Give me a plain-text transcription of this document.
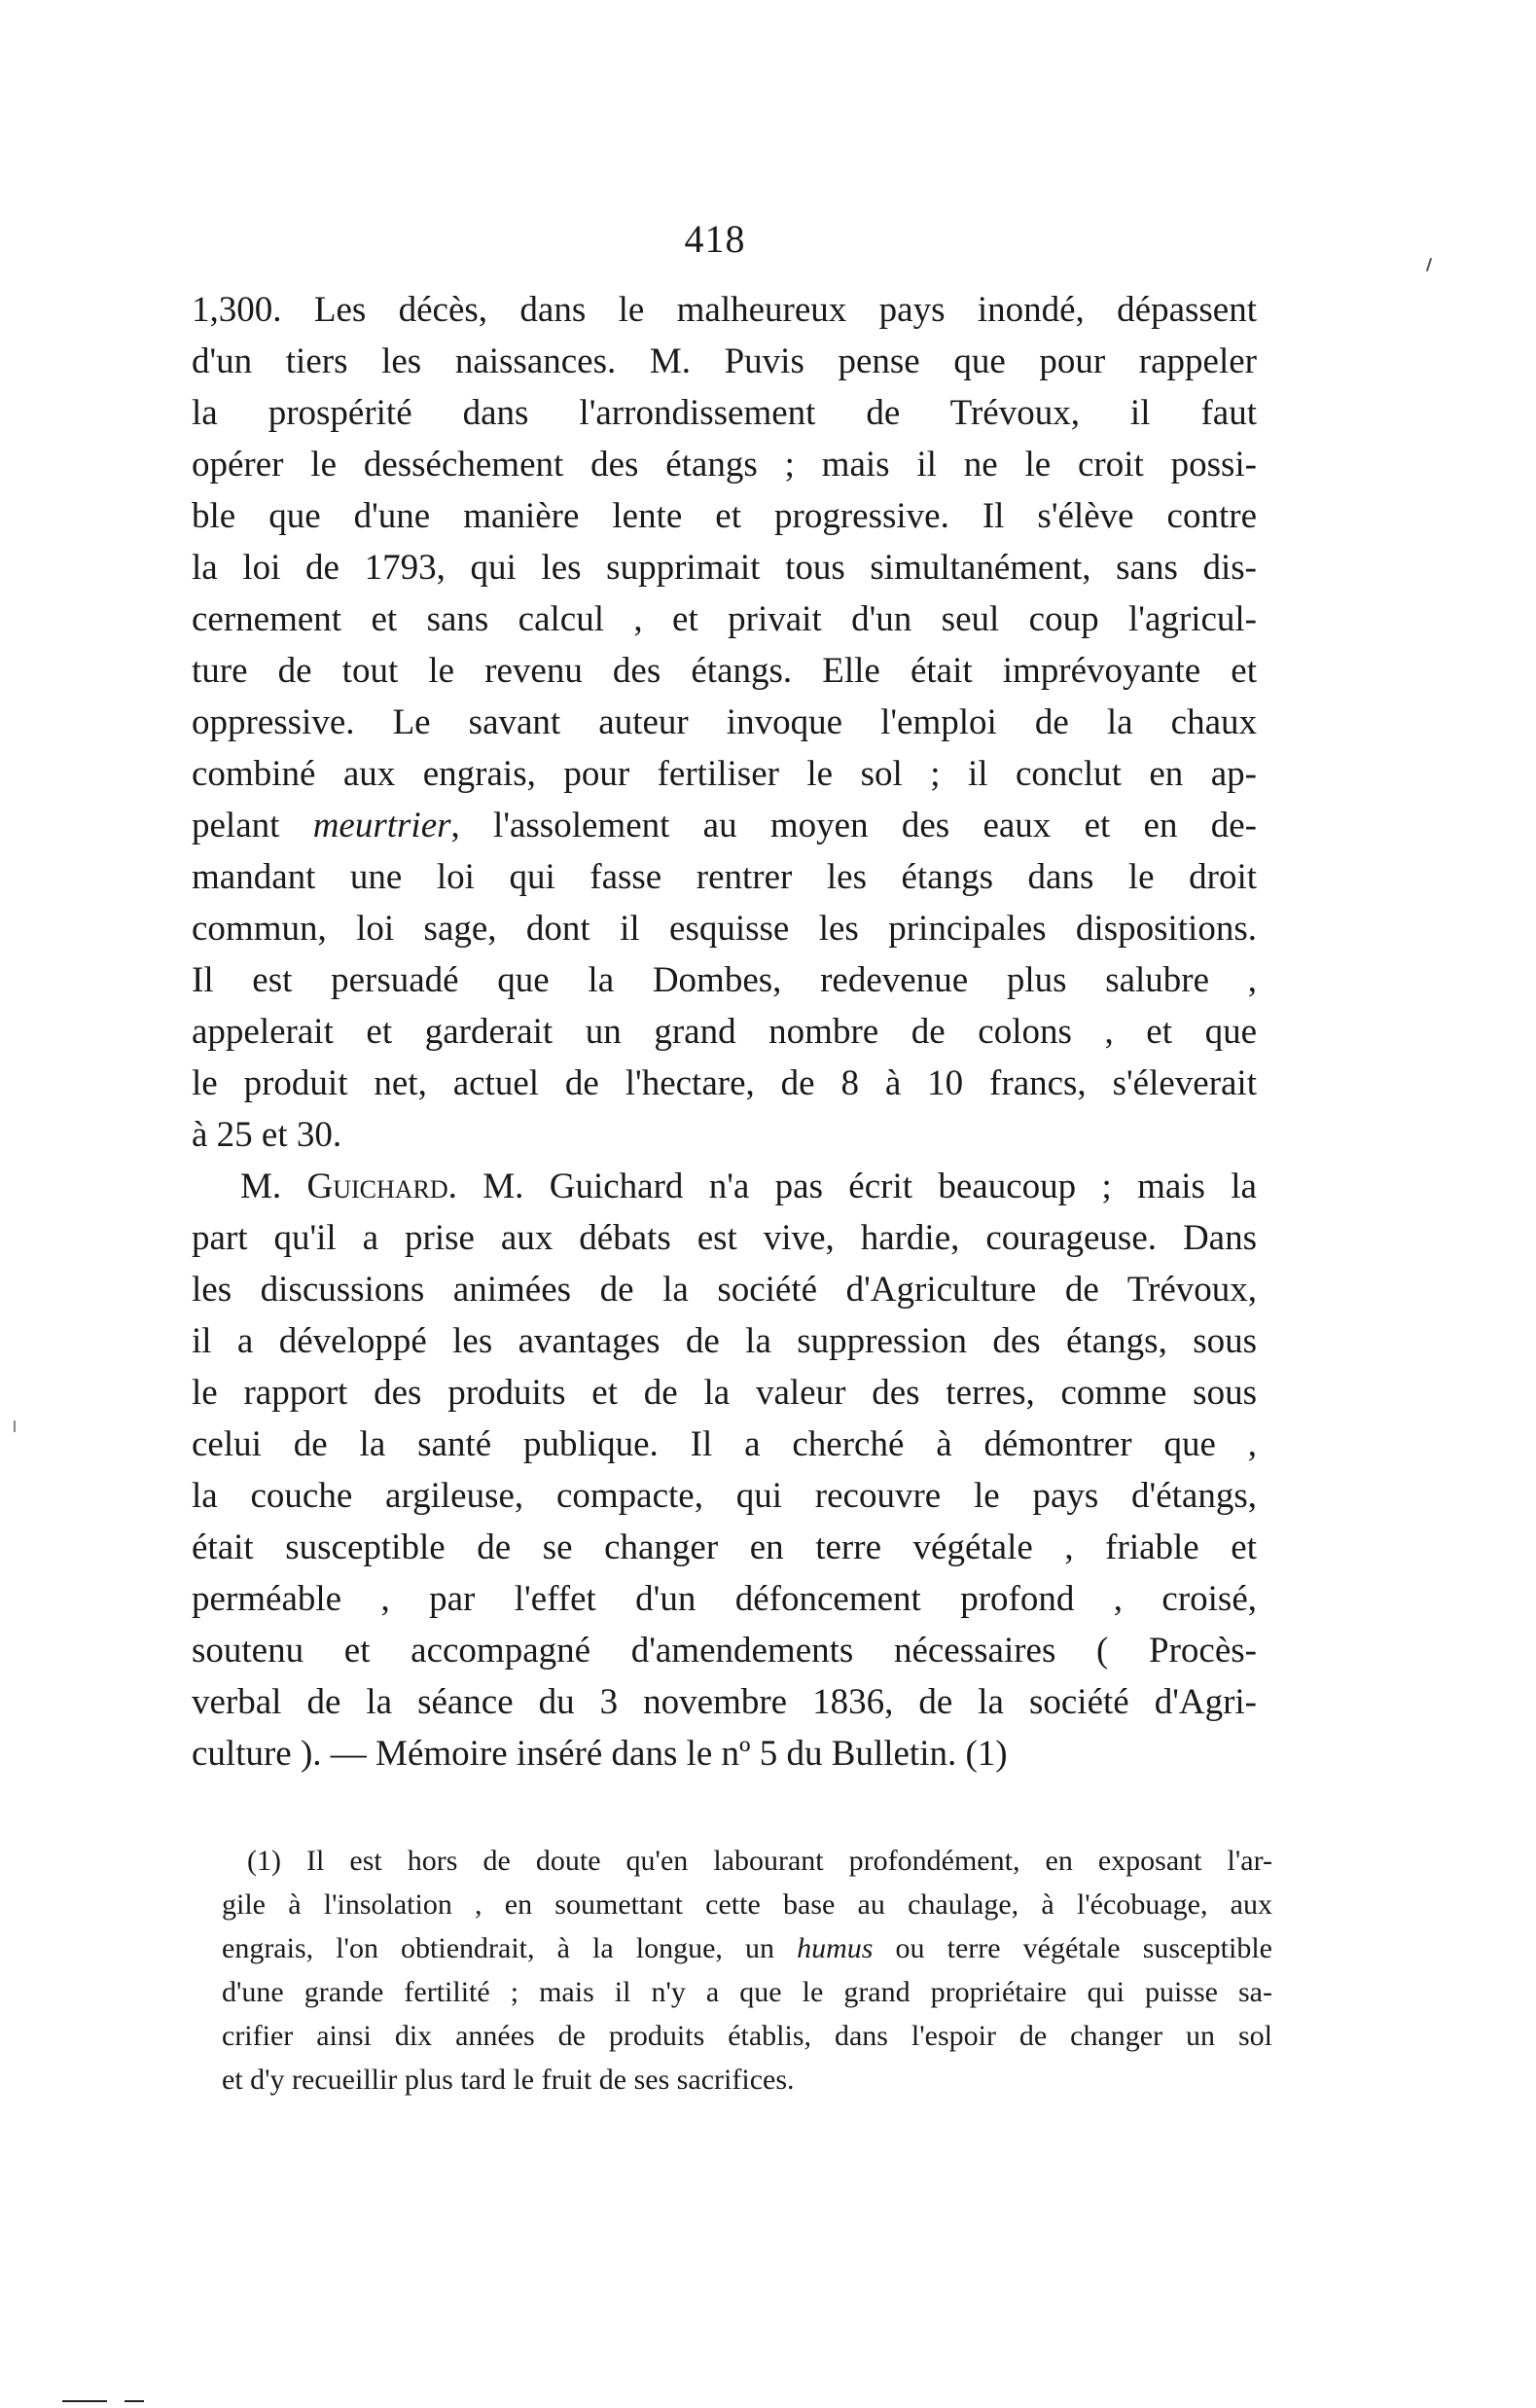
418
1,300. Les décès, dans le malheureux pays inondé, dépassent
d'un tiers les naissances. M. Puvis pense que pour rappeler
la prospérité dans l'arrondissement de Trévoux, il faut
opérer le desséchement des étangs ; mais il ne le croit possi-
ble que d'une manière lente et progressive. Il s'élève contre
la loi de 1793, qui les supprimait tous simultanément, sans dis-
cernement et sans calcul , et privait d'un seul coup l'agricul-
ture de tout le revenu des étangs. Elle était imprévoyante et
oppressive. Le savant auteur invoque l'emploi de la chaux
combiné aux engrais, pour fertiliser le sol ; il conclut en ap-
pelant meurtrier, l'assolement au moyen des eaux et en de-
mandant une loi qui fasse rentrer les étangs dans le droit
commun, loi sage, dont il esquisse les principales dispositions.
Il est persuadé que la Dombes, redevenue plus salubre ,
appelerait et garderait un grand nombre de colons , et que
le produit net, actuel de l'hectare, de 8 à 10 francs, s'éleverait
à 25 et 30.
M. Guichard. M. Guichard n'a pas écrit beaucoup ; mais la
part qu'il a prise aux débats est vive, hardie, courageuse. Dans
les discussions animées de la société d'Agriculture de Trévoux,
il a développé les avantages de la suppression des étangs, sous
le rapport des produits et de la valeur des terres, comme sous
celui de la santé publique. Il a cherché à démontrer que ,
la couche argileuse, compacte, qui recouvre le pays d'étangs,
était susceptible de se changer en terre végétale , friable et
perméable , par l'effet d'un défoncement profond , croisé,
soutenu et accompagné d'amendements nécessaires ( Procès-
verbal de la séance du 3 novembre 1836, de la société d'Agri-
culture ). — Mémoire inséré dans le nº 5 du Bulletin. (1)
(1) Il est hors de doute qu'en labourant profondément, en exposant l'ar-
gile à l'insolation , en soumettant cette base au chaulage, à l'écobuage, aux
engrais, l'on obtiendrait, à la longue, un humus ou terre végétale susceptible
d'une grande fertilité ; mais il n'y a que le grand propriétaire qui puisse sa-
crifier ainsi dix années de produits établis, dans l'espoir de changer un sol
et d'y recueillir plus tard le fruit de ses sacrifices.
